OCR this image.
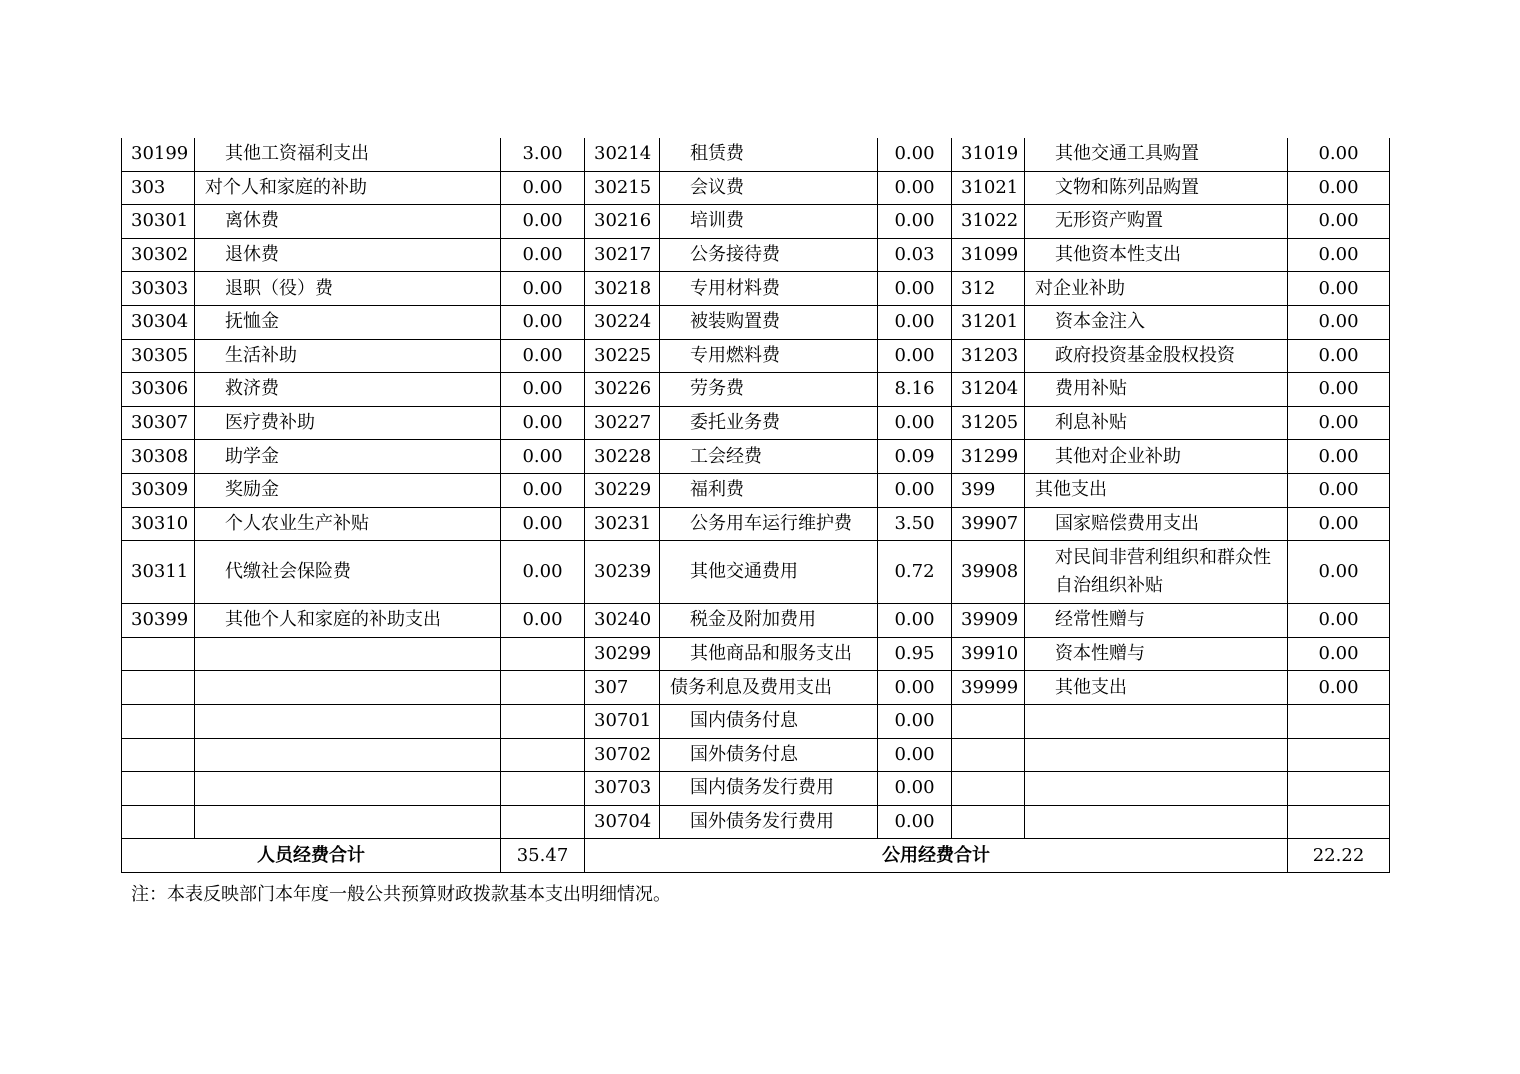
30199	其他工资福利支出	3.00	30214	租赁费	0.00	31019	其他交通工具购置	0.00
303	对个人和家庭的补助	0.00	30215	会议费	0.00	31021	文物和陈列品购置	0.00
30301	离休费	0.00	30216	培训费	0.00	31022	无形资产购置	0.00
30302	退休费	0.00	30217	公务接待费	0.03	31099	其他资本性支出	0.00
30303	退职（役）费	0.00	30218	专用材料费	0.00	312	对企业补助	0.00
30304	抚恤金	0.00	30224	被装购置费	0.00	31201	资本金注入	0.00
30305	生活补助	0.00	30225	专用燃料费	0.00	31203	政府投资基金股权投资	0.00
30306	救济费	0.00	30226	劳务费	8.16	31204	费用补贴	0.00
30307	医疗费补助	0.00	30227	委托业务费	0.00	31205	利息补贴	0.00
30308	助学金	0.00	30228	工会经费	0.09	31299	其他对企业补助	0.00
30309	奖励金	0.00	30229	福利费	0.00	399	其他支出	0.00
30310	个人农业生产补贴	0.00	30231	公务用车运行维护费	3.50	39907	国家赔偿费用支出	0.00
30311	代缴社会保险费	0.00	30239	其他交通费用	0.72	39908	对民间非营利组织和群众性自治组织补贴	0.00
30399	其他个人和家庭的补助支出	0.00	30240	税金及附加费用	0.00	39909	经常性赠与	0.00
			30299	其他商品和服务支出	0.95	39910	资本性赠与	0.00
			307	债务利息及费用支出	0.00	39999	其他支出	0.00
			30701	国内债务付息	0.00			
			30702	国外债务付息	0.00			
			30703	国内债务发行费用	0.00			
			30704	国外债务发行费用	0.00			
人员经费合计		35.47	公用经费合计					22.22
注：本表反映部门本年度一般公共预算财政拨款基本支出明细情况。
